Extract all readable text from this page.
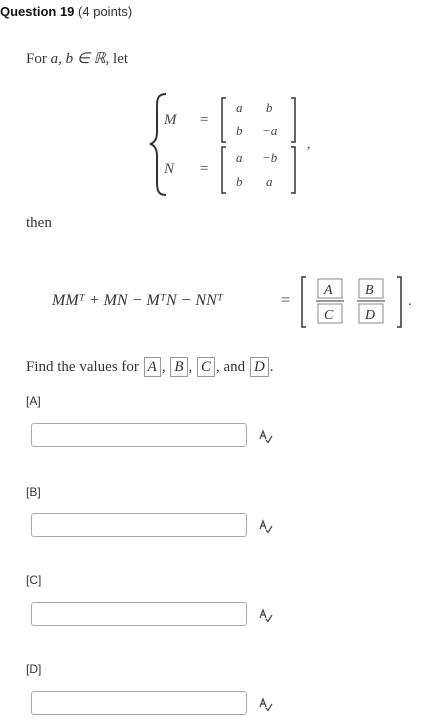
Question 19 (4 points)
For a, b ∈ ℝ, let
M =
a b
b −a
N =
a −b
b a
,
then
MMᵀ + MN − MᵀN − NNᵀ	=
A
C
B
D
.
Find the values for A , B , C , and D .
[A]
[B]
[C]
[D]
